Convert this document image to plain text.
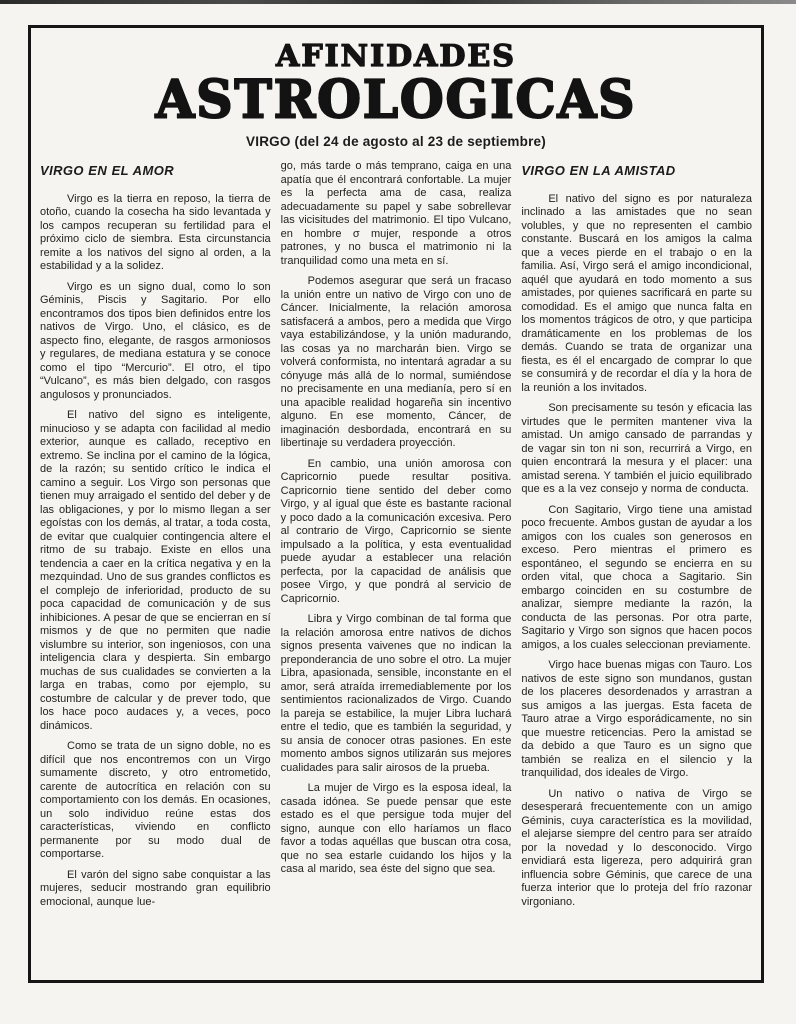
AFINIDADES
ASTROLOGICAS
VIRGO (del 24 de agosto al 23 de septiembre)
VIRGO EN EL AMOR

Virgo es la tierra en reposo, la tierra de otoño, cuando la cosecha ha sido levantada y los campos recuperan su fertilidad para el próximo ciclo de siembra. Esta circunstancia remite a los nativos del signo al orden, a la estabilidad y a la solidez.

Virgo es un signo dual, como lo son Géminis, Piscis y Sagitario. Por ello encontramos dos tipos bien definidos entre los nativos de Virgo. Uno, el clásico, es de aspecto fino, elegante, de rasgos armoniosos y regulares, de mediana estatura y se conoce como el tipo “Mercurio”. El otro, el tipo “Vulcano”, es más bien delgado, con rasgos angulosos y pronunciados.

El nativo del signo es inteligente, minucioso y se adapta con facilidad al medio exterior, aunque es callado, receptivo en extremo. Se inclina por el camino de la lógica, de la razón; su sentido crítico le indica el camino a seguir. Los Virgo son personas que tienen muy arraigado el sentido del deber y de las obligaciones, y por lo mismo llegan a ser egoístas con los demás, al tratar, a toda costa, de evitar que cualquier contingencia altere el ritmo de su trabajo. Existe en ellos una tendencia a caer en la crítica negativa y en la mezquindad. Uno de sus grandes conflictos es el complejo de inferioridad, producto de su poca capacidad de comunicación y de sus inhibiciones. A pesar de que se encierran en sí mismos y de que no permiten que nadie vislumbre su interior, son ingeniosos, con una inteligencia clara y despierta. Sin embargo muchas de sus cualidades se convierten a la larga en trabas, como por ejemplo, su costumbre de calcular y de prever todo, que los hace poco audaces y, a veces, poco dinámicos.

Como se trata de un signo doble, no es difícil que nos encontremos con un Virgo sumamente discreto, y otro entrometido, carente de autocrítica en relación con su comportamiento con los demás. En ocasiones, un solo individuo reúne estas dos características, viviendo en conflicto permanente por su modo dual de comportarse.

El varón del signo sabe conquistar a las mujeres, seducir mostrando gran equilibrio emocional, aunque lue-

go, más tarde o más temprano, caiga en una apatía que él encontrará confortable. La mujer es la perfecta ama de casa, realiza adecuadamente su papel y sabe sobrellevar las vicisitudes del matrimonio. El tipo Vulcano, en hombre σ mujer, responde a otros patrones, y no busca el matrimonio ni la tranquilidad como una meta en sí.

Podemos asegurar que será un fracaso la unión entre un nativo de Virgo con uno de Cáncer. Inicialmente, la relación amorosa satisfacerá a ambos, pero a medida que Virgo vaya estabilizándose, y la unión madurando, las cosas ya no marcharán bien. Virgo se volverá conformista, no intentará agradar a su cónyuge más allá de lo normal, sumiéndose no precisamente en una medianía, pero sí en una apacible realidad hogareña sin incentivo alguno. En ese momento, Cáncer, de imaginación desbordada, encontrará en su libertinaje su verdadera proyección.

En cambio, una unión amorosa con Capricornio puede resultar positiva. Capricornio tiene sentido del deber como Virgo, y al igual que éste es bastante racional y poco dado a la comunicación excesiva. Pero al contrario de Virgo, Capricornio se siente impulsado a la política, y esta eventualidad puede ayudar a establecer una relación perfecta, por la capacidad de análisis que posee Virgo, y que pondrá al servicio de Capricornio.

Libra y Virgo combinan de tal forma que la relación amorosa entre nativos de dichos signos presenta vaivenes que no indican la preponderancia de uno sobre el otro. La mujer Libra, apasionada, sensible, inconstante en el amor, será atraída irremediablemente por los sentimientos racionalizados de Virgo. Cuando la pareja se estabilice, la mujer Libra luchará entre el tedio, que es también la seguridad, y su ansia de conocer otras pasiones. En este momento ambos signos utilizarán sus mejores cualidades para salir airosos de la prueba.

La mujer de Virgo es la esposa ideal, la casada idónea. Se puede pensar que este estado es el que persigue toda mujer del signo, aunque con ello haríamos un flaco favor a todas aquéllas que buscan otra cosa, que no sea estarle cuidando los hijos y la casa al marido, sea éste del signo que sea.

VIRGO EN LA AMISTAD

El nativo del signo es por naturaleza inclinado a las amistades que no sean volubles, y que no representen el cambio constante. Buscará en los amigos la calma que a veces pierde en el trabajo o en la familia. Así, Virgo será el amigo incondicional, aquél que ayudará en todo momento a sus amistades, por quienes sacrificará en parte su comodidad. Es el amigo que nunca falta en los momentos trágicos de otro, y que participa dramáticamente en los problemas de los demás. Cuando se trata de organizar una fiesta, es él el encargado de comprar lo que se consumirá y de recordar el día y la hora de la reunión a los invitados.

Son precisamente su tesón y eficacia las virtudes que le permiten mantener viva la amistad. Un amigo cansado de parrandas y de vagar sin ton ni son, recurrirá a Virgo, en quien encontrará la mesura y el placer: una amistad serena. Y también el juicio equilibrado que es a la vez consejo y norma de conducta.

Con Sagitario, Virgo tiene una amistad poco frecuente. Ambos gustan de ayudar a los amigos con los cuales son generosos en exceso. Pero mientras el primero es espontáneo, el segundo se encierra en su orden vital, que choca a Sagitario. Sin embargo coinciden en su costumbre de analizar, siempre mediante la razón, la conducta de las personas. Por otra parte, Sagitario y Virgo son signos que hacen pocos amigos, a los cuales seleccionan previamente.

Virgo hace buenas migas con Tauro. Los nativos de este signo son mundanos, gustan de los placeres desordenados y arrastran a sus amigos a las juergas. Esta faceta de Tauro atrae a Virgo esporádicamente, no sin que muestre reticencias. Pero la amistad se da debido a que Tauro es un signo que también se realiza en el silencio y la tranquilidad, dos ideales de Virgo.

Un nativo o nativa de Virgo se desesperará frecuentemente con un amigo Géminis, cuya característica es la movilidad, el alejarse siempre del centro para ser atraído por la novedad y lo desconocido. Virgo envidiará esta ligereza, pero adquirirá gran influencia sobre Géminis, que carece de una fuerza interior que lo proteja del frío razonar virgoniano.
